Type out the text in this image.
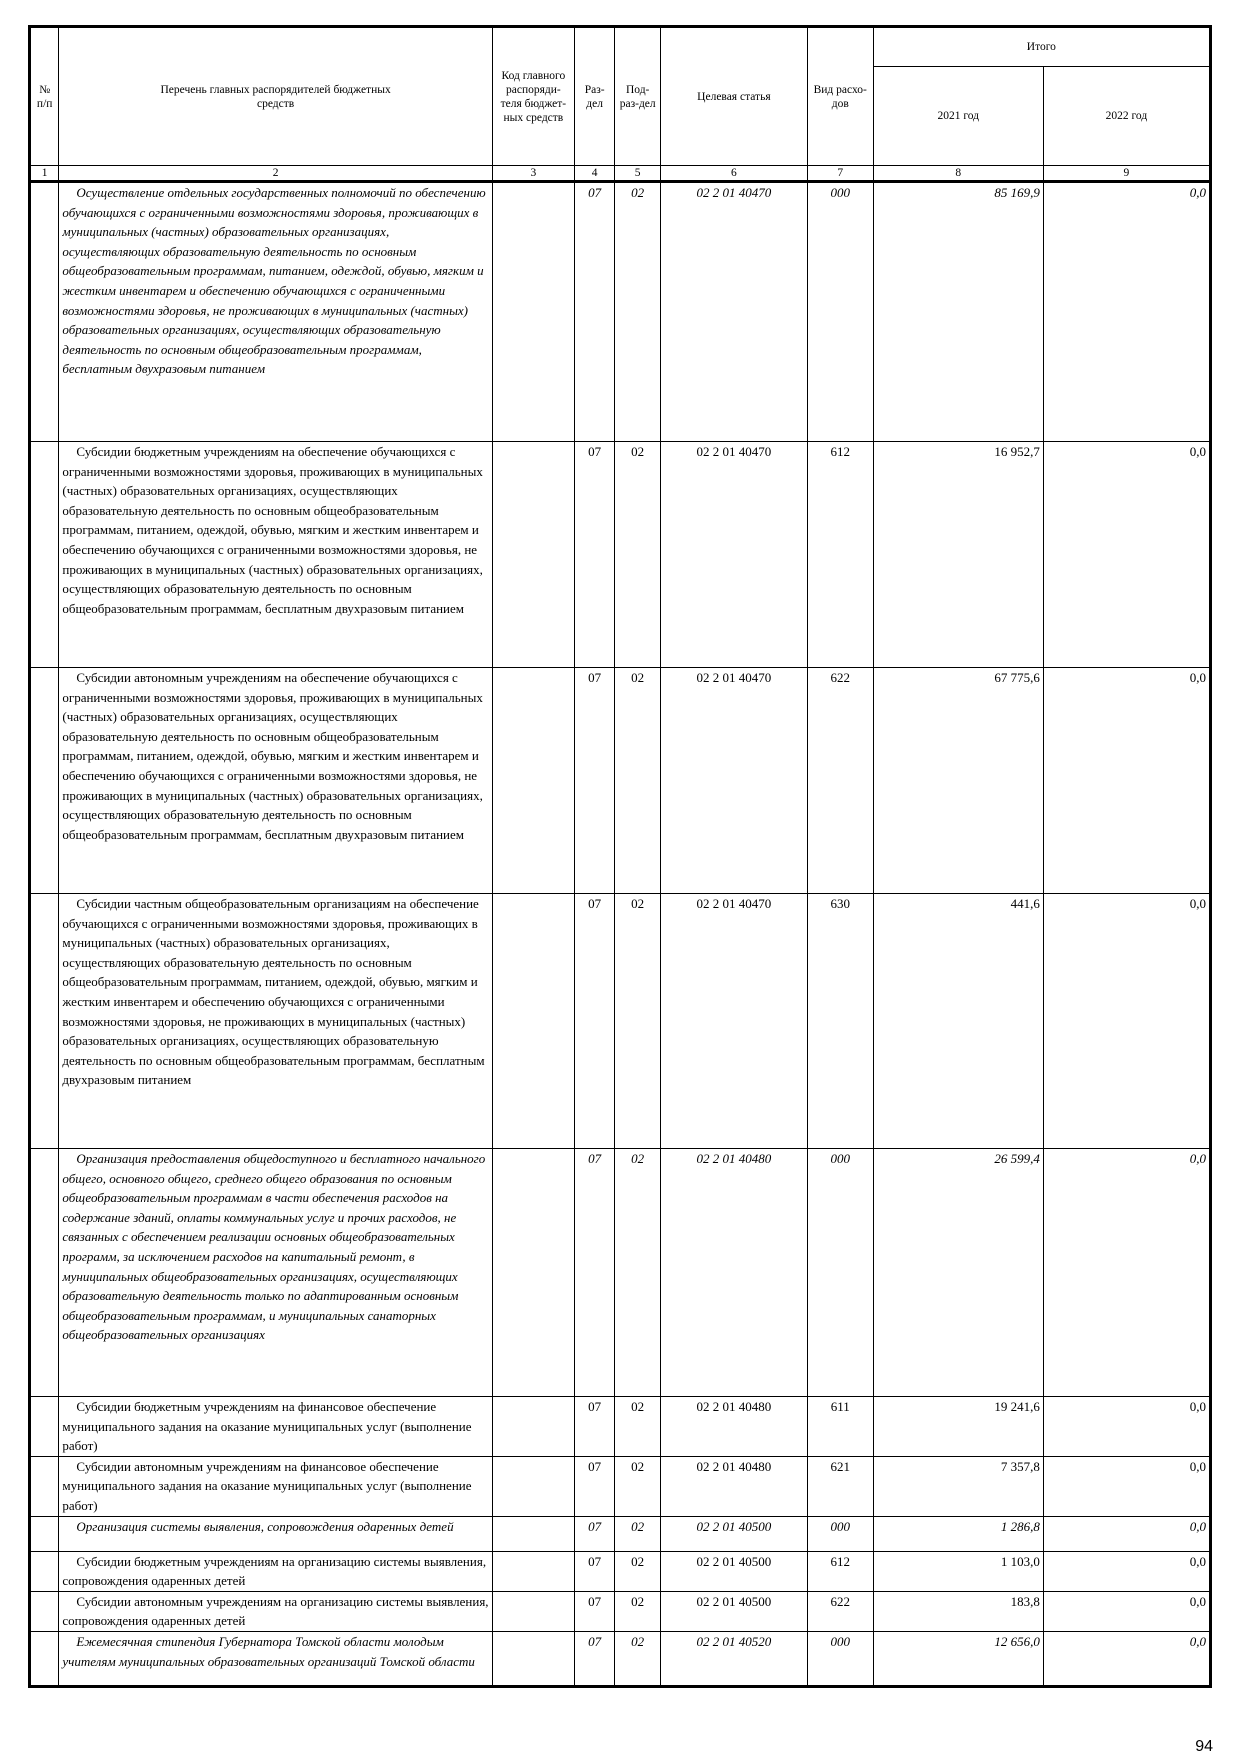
№ п/п	Перечень главных распорядителей бюджетных средств	Код главного распоряди-теля бюджет-ных средств	Раз-дел	Под-раз-дел	Целевая статья	Вид расхо-дов	Итого	
							2021 год	2022 год
1	2	3	4	5	6	7	8	9
	Осуществление отдельных государственных полномочий по обеспечению обучающихся с ограниченными возможностями здоровья, проживающих в муниципальных (частных) образовательных организациях, осуществляющих образовательную деятельность по основным общеобразовательным программам, питанием, одеждой, обувью, мягким и жестким инвентарем и обеспечению обучающихся с ограниченными возможностями здоровья, не проживающих в муниципальных (частных) образовательных организациях, осуществляющих образовательную деятельность по основным общеобразовательным программам, бесплатным двухразовым питанием		07	02	02 2 01 40470	000	85 169,9	0,0
	Субсидии бюджетным учреждениям на обеспечение обучающихся с ограниченными возможностями здоровья, проживающих в муниципальных (частных) образовательных организациях, осуществляющих образовательную деятельность по основным общеобразовательным программам, питанием, одеждой, обувью, мягким и жестким инвентарем и обеспечению обучающихся с ограниченными возможностями здоровья, не проживающих в муниципальных (частных) образовательных организациях, осуществляющих образовательную деятельность по основным общеобразовательным программам, бесплатным двухразовым питанием		07	02	02 2 01 40470	612	16 952,7	0,0
	Субсидии автономным учреждениям на обеспечение обучающихся с ограниченными возможностями здоровья, проживающих в муниципальных (частных) образовательных организациях, осуществляющих образовательную деятельность по основным общеобразовательным программам, питанием, одеждой, обувью, мягким и жестким инвентарем и обеспечению обучающихся с ограниченными возможностями здоровья, не проживающих в муниципальных (частных) образовательных организациях, осуществляющих образовательную деятельность по основным общеобразовательным программам, бесплатным двухразовым питанием		07	02	02 2 01 40470	622	67 775,6	0,0
	Субсидии частным общеобразовательным организациям на обеспечение обучающихся с ограниченными возможностями здоровья, проживающих в муниципальных (частных) образовательных организациях, осуществляющих образовательную деятельность по основным общеобразовательным программам, питанием, одеждой, обувью, мягким и жестким инвентарем и обеспечению обучающихся с ограниченными возможностями здоровья, не проживающих в муниципальных (частных) образовательных организациях, осуществляющих образовательную деятельность по основным общеобразовательным программам, бесплатным двухразовым питанием		07	02	02 2 01 40470	630	441,6	0,0
	Организация предоставления общедоступного и бесплатного начального общего, основного общего, среднего общего образования по основным общеобразовательным программам в части обеспечения расходов на содержание зданий, оплаты коммунальных услуг и прочих расходов, не связанных с обеспечением реализации основных общеобразовательных программ, за исключением расходов на капитальный ремонт, в муниципальных общеобразовательных организациях, осуществляющих образовательную деятельность только по адаптированным основным общеобразовательным программам, и муниципальных санаторных общеобразовательных организациях		07	02	02 2 01 40480	000	26 599,4	0,0
	Субсидии бюджетным учреждениям на финансовое обеспечение муниципального задания на оказание муниципальных услуг (выполнение работ)		07	02	02 2 01 40480	611	19 241,6	0,0
	Субсидии автономным учреждениям на финансовое обеспечение муниципального задания на оказание муниципальных услуг (выполнение работ)		07	02	02 2 01 40480	621	7 357,8	0,0
	Организация системы выявления, сопровождения одаренных детей		07	02	02 2 01 40500	000	1 286,8	0,0
	Субсидии бюджетным учреждениям на организацию системы выявления, сопровождения одаренных детей		07	02	02 2 01 40500	612	1 103,0	0,0
	Субсидии автономным учреждениям на организацию системы выявления, сопровождения одаренных детей		07	02	02 2 01 40500	622	183,8	0,0
	Ежемесячная стипендия Губернатора Томской области молодым учителям муниципальных образовательных организаций Томской области		07	02	02 2 01 40520	000	12 656,0	0,0
94
